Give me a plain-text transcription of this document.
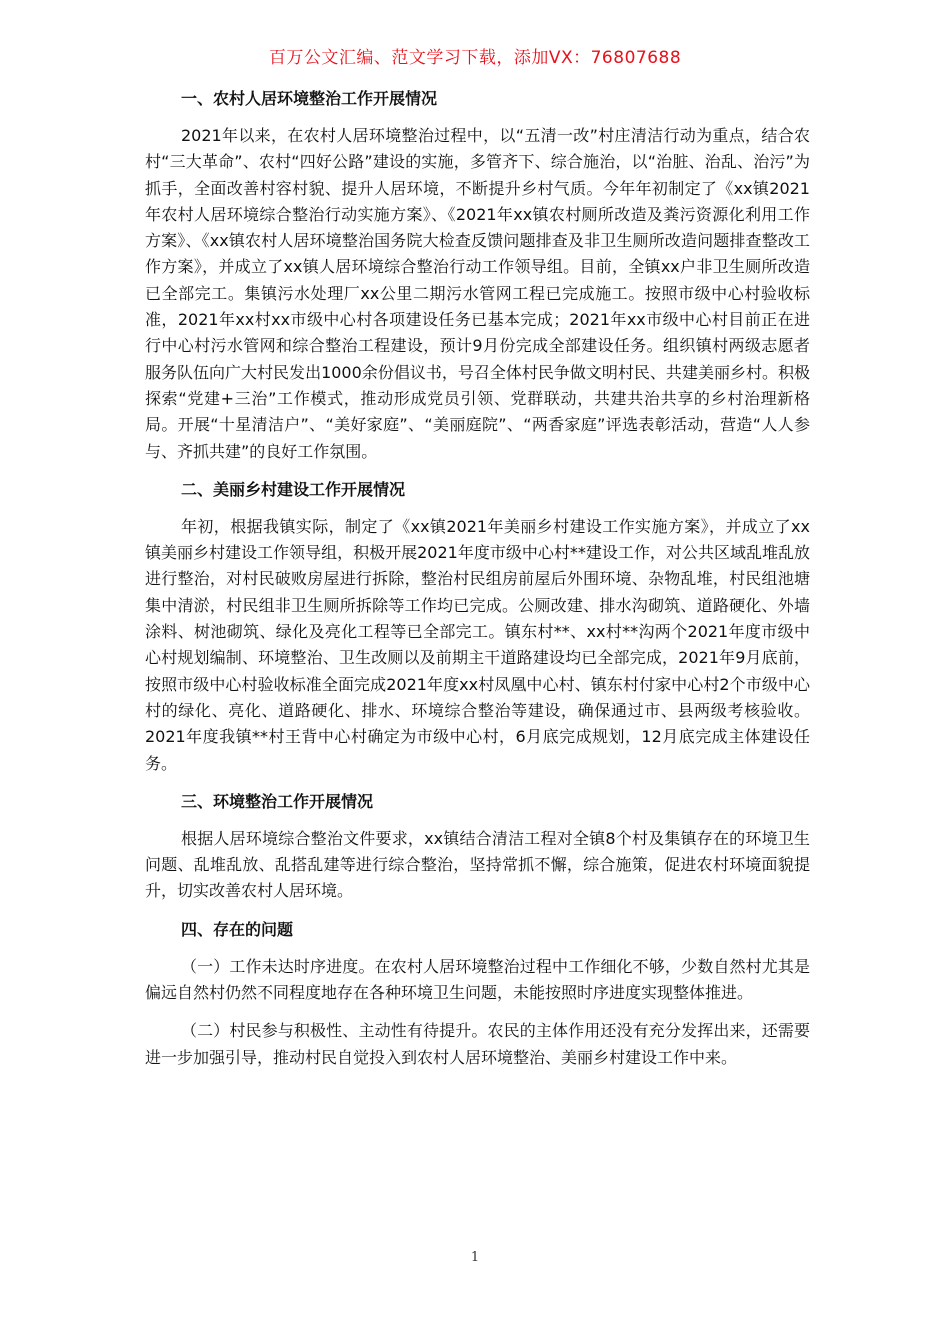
百万公文汇编、范文学习下载，添加VX：76807688
一、农村人居环境整治工作开展情况

2021年以来，在农村人居环境整治过程中，以“五清一改”村庄清洁行动为重点，结合农村“三大革命”、农村“四好公路”建设的实施，多管齐下、综合施治，以“治脏、治乱、治污”为抓手，全面改善村容村貌、提升人居环境，不断提升乡村气质。今年年初制定了《xx镇2021年农村人居环境综合整治行动实施方案》、《2021年xx镇农村厕所改造及粪污资源化利用工作方案》、《xx镇农村人居环境整治国务院大检查反馈问题排查及非卫生厕所改造问题排查整改工作方案》，并成立了xx镇人居环境综合整治行动工作领导组。目前，全镇xx户非卫生厕所改造已全部完工。集镇污水处理厂xx公里二期污水管网工程已完成施工。按照市级中心村验收标准，2021年xx村xx市级中心村各项建设任务已基本完成；2021年xx市级中心村目前正在进行中心村污水管网和综合整治工程建设，预计9月份完成全部建设任务。组织镇村两级志愿者服务队伍向广大村民发出1000余份倡议书，号召全体村民争做文明村民、共建美丽乡村。积极探索“党建+三治”工作模式，推动形成党员引领、党群联动，共建共治共享的乡村治理新格局。开展“十星清洁户”、“美好家庭”、“美丽庭院”、“两香家庭”评选表彰活动，营造“人人参与、齐抓共建”的良好工作氛围。

二、美丽乡村建设工作开展情况

年初，根据我镇实际，制定了《xx镇2021年美丽乡村建设工作实施方案》，并成立了xx镇美丽乡村建设工作领导组，积极开展2021年度市级中心村**建设工作，对公共区域乱堆乱放进行整治，对村民破败房屋进行拆除，整治村民组房前屋后外围环境、杂物乱堆，村民组池塘集中清淤，村民组非卫生厕所拆除等工作均已完成。公厕改建、排水沟砌筑、道路硬化、外墙涂料、树池砌筑、绿化及亮化工程等已全部完工。镇东村**、xx村**沟两个2021年度市级中心村规划编制、环境整治、卫生改厕以及前期主干道路建设均已全部完成，2021年9月底前，按照市级中心村验收标准全面完成2021年度xx村凤凰中心村、镇东村付家中心村2个市级中心村的绿化、亮化、道路硬化、排水、环境综合整治等建设，确保通过市、县两级考核验收。2021年度我镇**村王背中心村确定为市级中心村，6月底完成规划，12月底完成主体建设任务。

三、环境整治工作开展情况

根据人居环境综合整治文件要求，xx镇结合清洁工程对全镇8个村及集镇存在的环境卫生问题、乱堆乱放、乱搭乱建等进行综合整治，坚持常抓不懈，综合施策，促进农村环境面貌提升，切实改善农村人居环境。

四、存在的问题

（一）工作未达时序进度。在农村人居环境整治过程中工作细化不够，少数自然村尤其是偏远自然村仍然不同程度地存在各种环境卫生问题，未能按照时序进度实现整体推进。

（二）村民参与积极性、主动性有待提升。农民的主体作用还没有充分发挥出来，还需要进一步加强引导，推动村民自觉投入到农村人居环境整治、美丽乡村建设工作中来。

1
